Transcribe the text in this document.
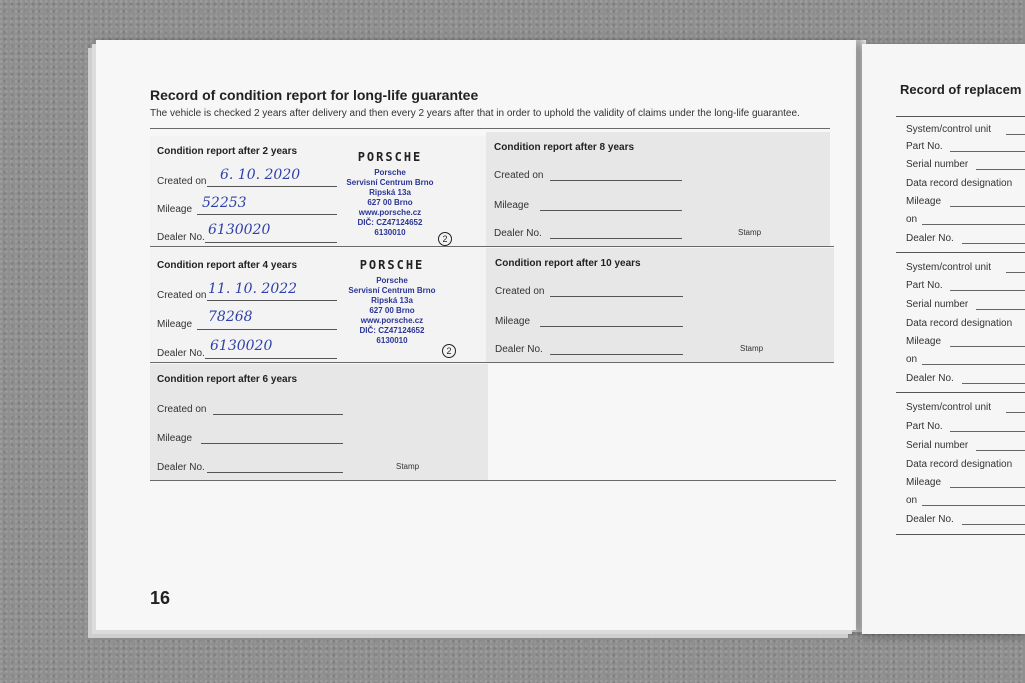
Record of condition report for long-life guarantee
The vehicle is checked 2 years after delivery and then every 2 years after that in order to uphold the validity of claims under the long-life guarantee.
Condition report after 2 years
Created on 6. 10. 2020
Mileage 52253
Dealer No. 6130020
PORSCHE
Porsche
Servisní Centrum Brno
Ripská 13a
627 00 Brno
www.porsche.cz
DIČ: CZ47124652
6130010
2
Condition report after 8 years
Created on
Mileage
Dealer No.	Stamp
Condition report after 4 years
Created on 11. 10. 2022
Mileage 78268
Dealer No. 6130020
PORSCHE
Porsche
Servisní Centrum Brno
Ripská 13a
627 00 Brno
www.porsche.cz
DIČ: CZ47124652
6130010
2
Condition report after 10 years
Created on
Mileage
Dealer No.	Stamp
Condition report after 6 years
Created on
Mileage
Dealer No.	Stamp
16
Record of replacem
System/control unit
Part No.
Serial number
Data record designation
Mileage
on
Dealer No.
System/control unit
Part No.
Serial number
Data record designation
Mileage
on
Dealer No.
System/control unit
Part No.
Serial number
Data record designation
Mileage
on
Dealer No.
